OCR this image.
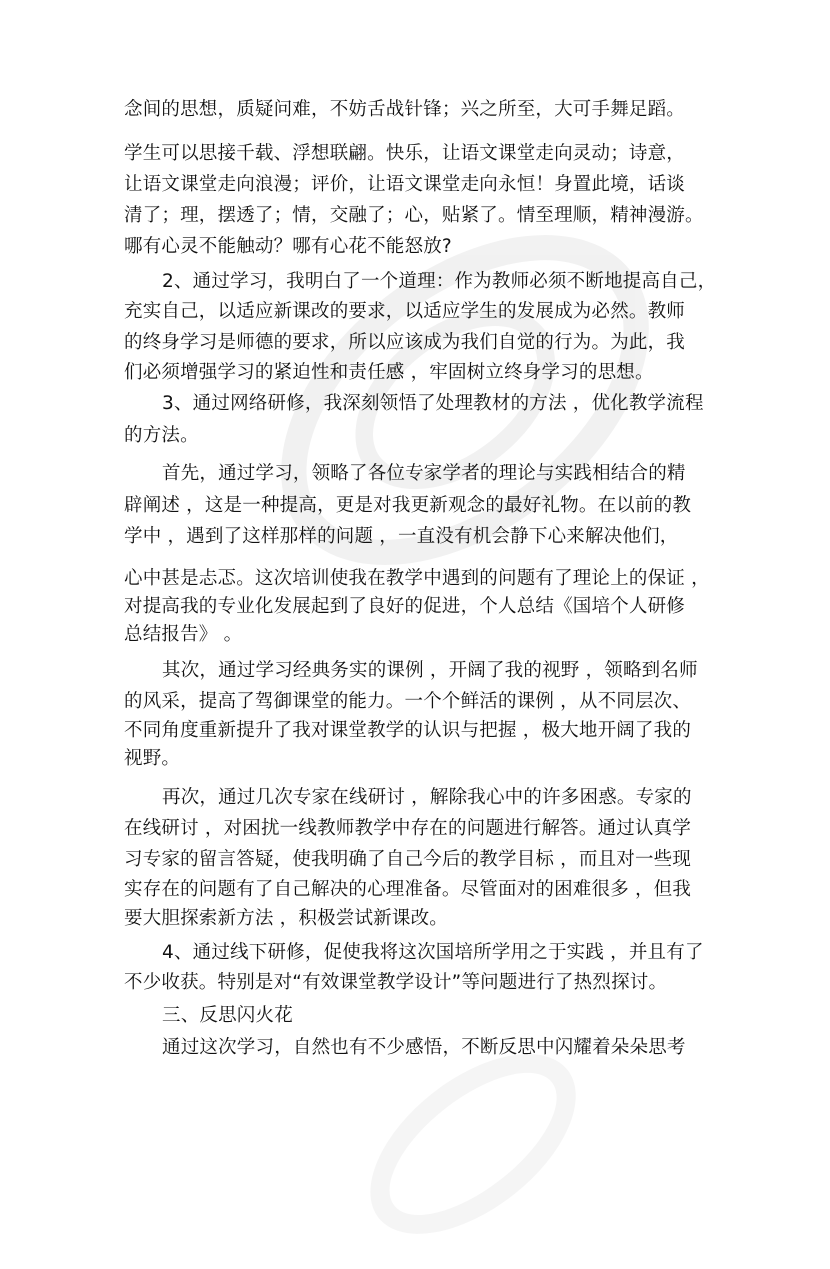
念间的思想，质疑问难，不妨舌战针锋；兴之所至，大可手舞足蹈。
学生可以思接千载、浮想联翩。快乐，让语文课堂走向灵动；诗意，
让语文课堂走向浪漫；评价，让语文课堂走向永恒！身置此境，话谈
清了；理，摆透了；情，交融了；心，贴紧了。情至理顺，精神漫游。
哪有心灵不能触动？哪有心花不能怒放?
2、通过学习，我明白了一个道理：作为教师必须不断地提高自己，
充实自己，以适应新课改的要求，以适应学生的发展成为必然。教师
的终身学习是师德的要求，所以应该成为我们自觉的行为。为此，我
们必须增强学习的紧迫性和责任感 ，牢固树立终身学习的思想。
3、通过网络研修，我深刻领悟了处理教材的方法 ，优化教学流程
的方法。
首先，通过学习，领略了各位专家学者的理论与实践相结合的精
辟阐述 ，这是一种提高，更是对我更新观念的最好礼物。在以前的教
学中 ，遇到了这样那样的问题 ，一直没有机会静下心来解决他们，
心中甚是忐忑。这次培训使我在教学中遇到的问题有了理论上的保证 ，
对提高我的专业化发展起到了良好的促进，个人总结《国培个人研修
总结报告》 。
其次，通过学习经典务实的课例 ，开阔了我的视野 ，领略到名师
的风采，提高了驾御课堂的能力。一个个鲜活的课例 ，从不同层次、
不同角度重新提升了我对课堂教学的认识与把握 ，极大地开阔了我的
视野。
再次，通过几次专家在线研讨 ，解除我心中的许多困惑。专家的
在线研讨 ，对困扰一线教师教学中存在的问题进行解答。通过认真学
习专家的留言答疑，使我明确了自己今后的教学目标 ，而且对一些现
实存在的问题有了自己解决的心理准备。尽管面对的困难很多 ，但我
要大胆探索新方法 ，积极尝试新课改。
4、通过线下研修，促使我将这次国培所学用之于实践 ，并且有了
不少收获。特别是对“有效课堂教学设计”等问题进行了热烈探讨。
三、反思闪火花
通过这次学习，自然也有不少感悟，不断反思中闪耀着朵朵思考
